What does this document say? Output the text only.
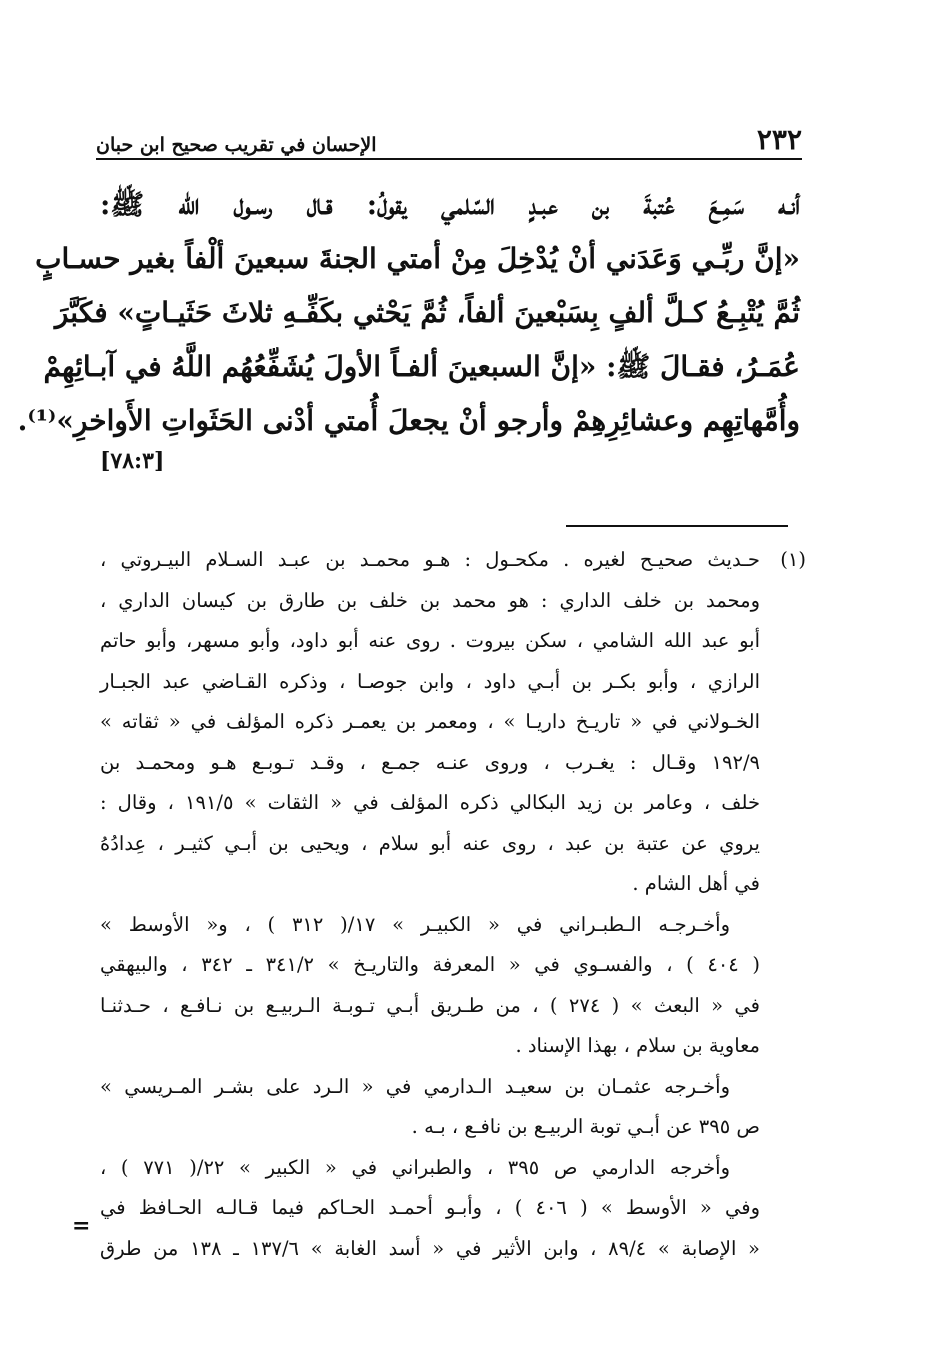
٢٣٢
الإحسان في تقريب صحيح ابن حبان
أنـه سَمِـعَ عُتبةَ بن عبـدٍ السّلمي يقولُ: قـال رسـول الله ﷺ:
«إنَّ ربِّـي وَعَدَني أنْ يُدْخِلَ مِنْ أمتي الجنةَ سبعينَ ألْفاً بغير حسـابٍ
ثُمَّ يُتْبِـعُ كـلَّ ألفٍ بِسَبْعينَ ألفاً، ثُمَّ يَحْثي بكَفِّـهِ ثلاثَ حَثَيـاتٍ» فكَبَّرَ
عُمَـرُ، فقـالَ ﷺ: «إنَّ السبعينَ ألفـاً الأولَ يُشَفِّعُهُم اللَّهُ في آبـائِهِمْ
وأُمَّهاتِهِم وعشائِرِهِمْ وأرجو أنْ يجعلَ أُمتي أدْنى الحَثَواتِ الأَواخرِ»⁽¹⁾.
[٧٨:٣]
(١)حـديث صحيـح لغيره . مكحـول : هـو محمـد بن عبـد السـلام البيـروتي ،
ومحمد بن خلف الداري : هو محمد بن خلف بن طارق بن كيسان الداري ،
أبو عبد الله الشامي ، سكن بيروت . روى عنه أبو داود، وأبو مسهر، وأبو حاتم
الرازي ، وأبو بكـر بن أبـي داود ، وابن جوصـا ، وذكره القـاضي عبد الجبـار
الخـولاني في « تاريـخ داريـا » ، ومعمر بن يعمـر ذكره المؤلف في « ثقاته »
١٩٢/٩ وقـال : يغـرب ، وروى عنـه جمـع ، وقـد تـوبـع هـو ومحمـد بن
خلف ، وعامر بن زيد البكالي ذكره المؤلف في « الثقات » ١٩١/٥ ، وقال :
يروي عن عتبة بن عبد ، روى عنه أبو سلام ، ويحيى بن أبـي كثيـر ، عِدادُهُ
في أهل الشام .
وأخـرجـه الـطبـراني في « الكبيـر » ١٧/( ٣١٢ ) ، و« الأوسط »
( ٤٠٤ ) ، والفسـوي في « المعرفة والتاريـخ » ٣٤١/٢ ـ ٣٤٢ ، والبيهقي
في « البعث » ( ٢٧٤ ) ، من طـريق أبـي تـوبـة الـربيـع بن نـافـع ، حـدثنـا
معاوية بن سلام ، بهذا الإسناد .
وأخـرجه عثمـان بن سعيـد الـدارمي في « الـرد على بشـر المـريسي »
ص ٣٩٥ عن أبـي توبة الربيـع بن نافـع ، بـه .
وأخرجه الدارمي ص ٣٩٥ ، والطبراني في « الكبير » ٢٢/( ٧٧١ ) ،
وفي « الأوسط » ( ٤٠٦ ) ، وأبـو أحمـد الحـاكم فيما قـالـه الحـافظ في
« الإصابة » ٨٩/٤ ، وابن الأثير في « أسد الغابة » ١٣٧/٦ ـ ١٣٨ من طرق
=
